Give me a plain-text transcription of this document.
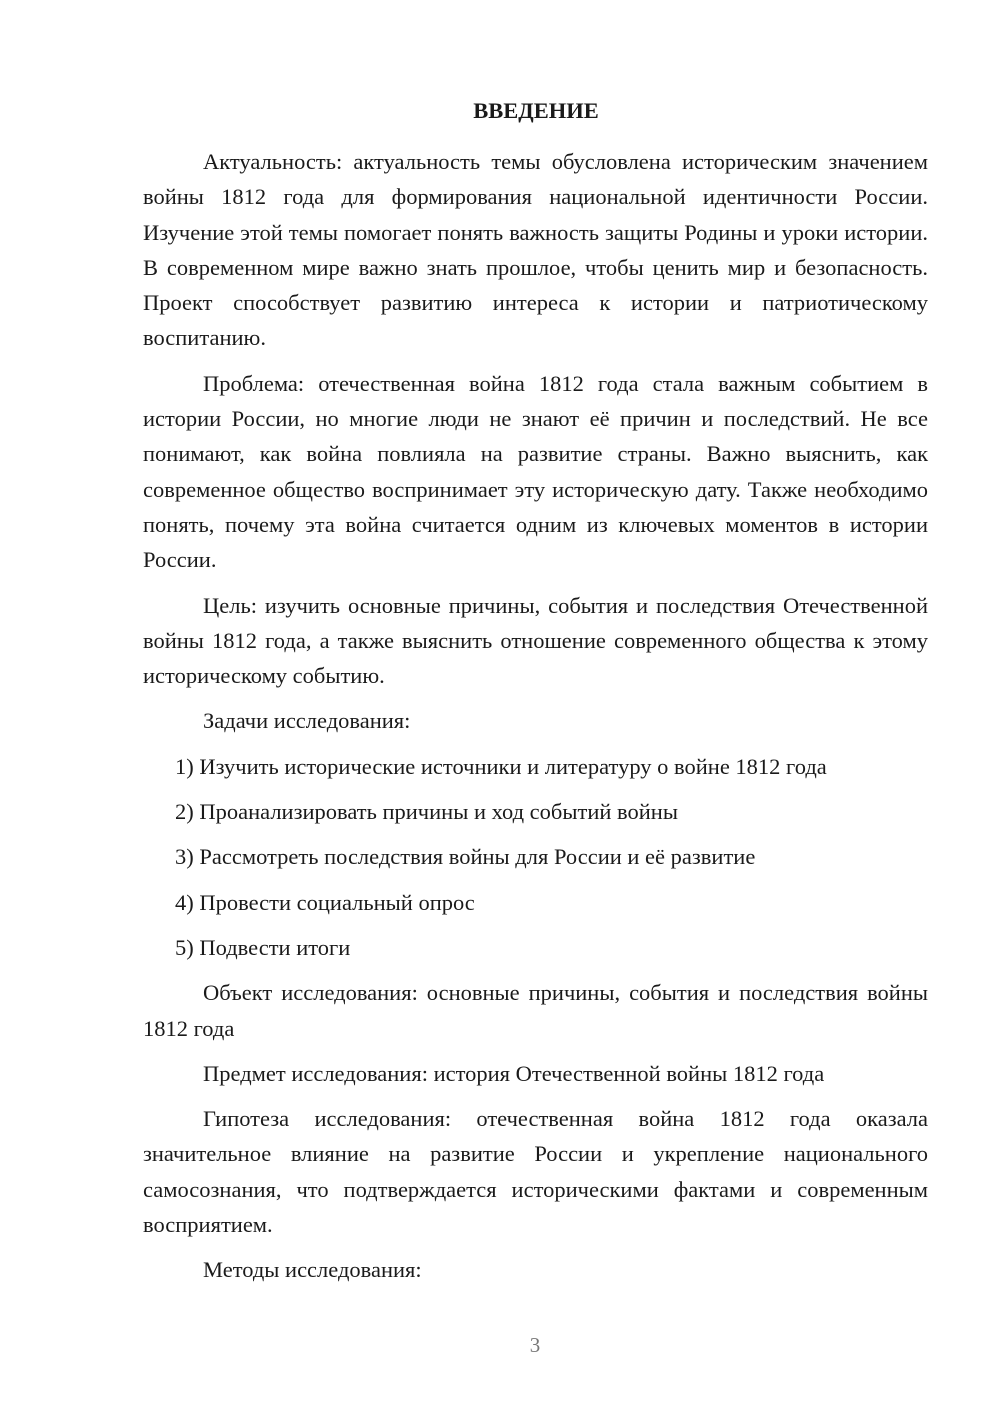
ВВЕДЕНИЕ

Актуальность: актуальность темы обусловлена историческим значением войны 1812 года для формирования национальной идентичности России. Изучение этой темы помогает понять важность защиты Родины и уроки истории. В современном мире важно знать прошлое, чтобы ценить мир и безопасность. Проект способствует развитию интереса к истории и патриотическому воспитанию.

Проблема: отечественная война 1812 года стала важным событием в истории России, но многие люди не знают её причин и последствий. Не все понимают, как война повлияла на развитие страны. Важно выяснить, как современное общество воспринимает эту историческую дату. Также необходимо понять, почему эта война считается одним из ключевых моментов в истории России.

Цель: изучить основные причины, события и последствия Отечественной войны 1812 года, а также выяснить отношение современного общества к этому историческому событию.

Задачи исследования:

1) Изучить исторические источники и литературу о войне 1812 года

2) Проанализировать причины и ход событий войны

3) Рассмотреть последствия войны для России и её развитие

4) Провести социальный опрос

5) Подвести итоги

Объект исследования: основные причины, события и последствия войны 1812 года

Предмет исследования: история Отечественной войны 1812 года

Гипотеза исследования: отечественная война 1812 года оказала значительное влияние на развитие России и укрепление национального самосознания, что подтверждается историческими фактами и современным восприятием.

Методы исследования:

3
